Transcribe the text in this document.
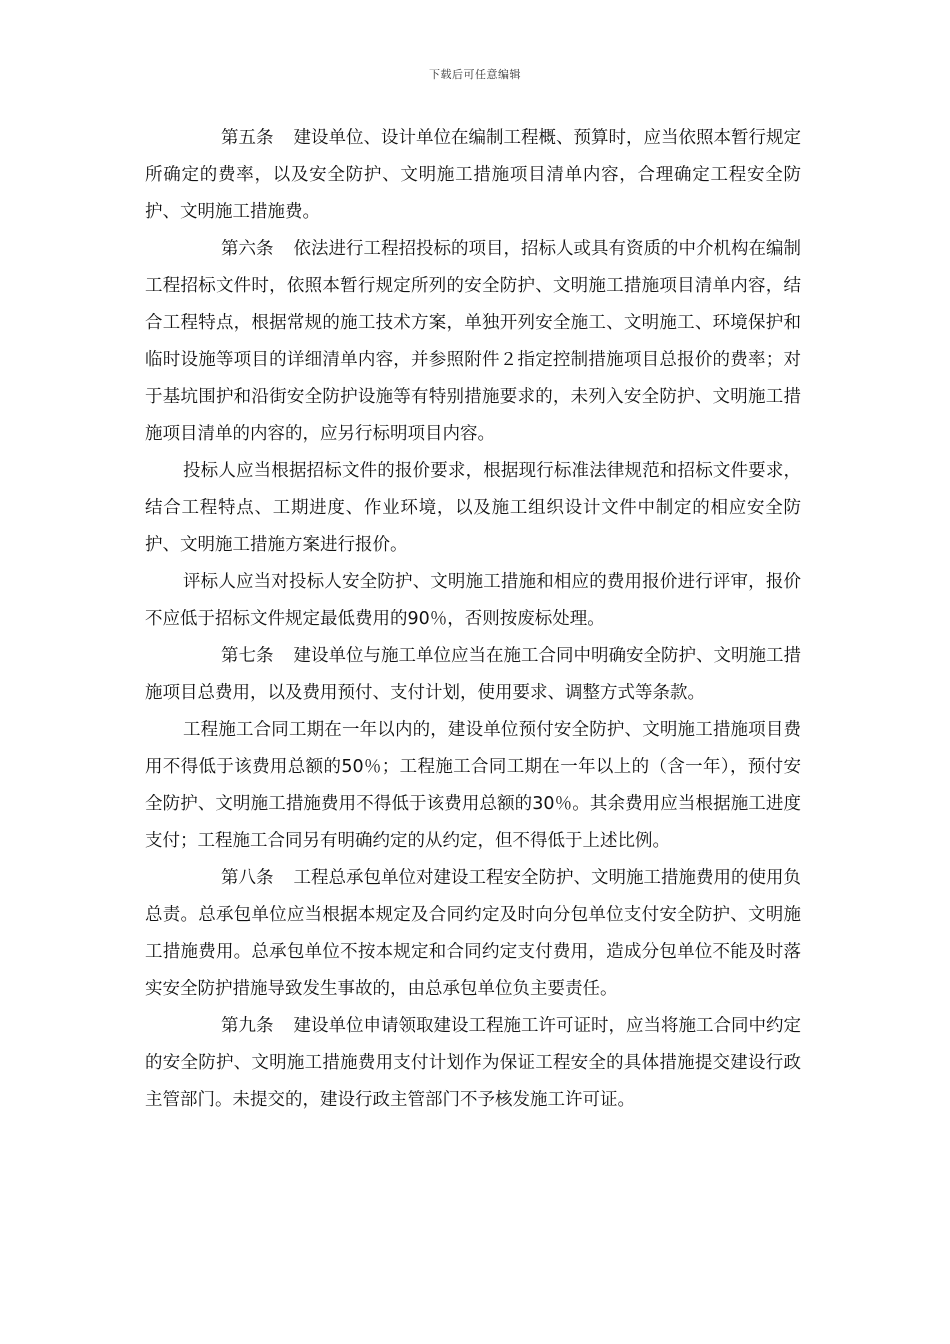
下载后可任意编辑

第五条 建设单位、设计单位在编制工程概、预算时，应当依照本暂行规定所确定的费率，以及安全防护、文明施工措施项目清单内容，合理确定工程安全防护、文明施工措施费。

第六条 依法进行工程招投标的项目，招标人或具有资质的中介机构在编制工程招标文件时，依照本暂行规定所列的安全防护、文明施工措施项目清单内容，结合工程特点，根据常规的施工技术方案，单独开列安全施工、文明施工、环境保护和临时设施等项目的详细清单内容，并参照附件２指定控制措施项目总报价的费率；对于基坑围护和沿街安全防护设施等有特别措施要求的，未列入安全防护、文明施工措施项目清单的内容的，应另行标明项目内容。

投标人应当根据招标文件的报价要求，根据现行标准法律规范和招标文件要求，结合工程特点、工期进度、作业环境，以及施工组织设计文件中制定的相应安全防护、文明施工措施方案进行报价。

评标人应当对投标人安全防护、文明施工措施和相应的费用报价进行评审，报价不应低于招标文件规定最低费用的90％，否则按废标处理。

第七条 建设单位与施工单位应当在施工合同中明确安全防护、文明施工措施项目总费用，以及费用预付、支付计划，使用要求、调整方式等条款。

工程施工合同工期在一年以内的，建设单位预付安全防护、文明施工措施项目费用不得低于该费用总额的50％；工程施工合同工期在一年以上的（含一年），预付安全防护、文明施工措施费用不得低于该费用总额的30％。其余费用应当根据施工进度支付；工程施工合同另有明确约定的从约定，但不得低于上述比例。

第八条 工程总承包单位对建设工程安全防护、文明施工措施费用的使用负总责。总承包单位应当根据本规定及合同约定及时向分包单位支付安全防护、文明施工措施费用。总承包单位不按本规定和合同约定支付费用，造成分包单位不能及时落实安全防护措施导致发生事故的，由总承包单位负主要责任。

第九条 建设单位申请领取建设工程施工许可证时，应当将施工合同中约定的安全防护、文明施工措施费用支付计划作为保证工程安全的具体措施提交建设行政主管部门。未提交的，建设行政主管部门不予核发施工许可证。
